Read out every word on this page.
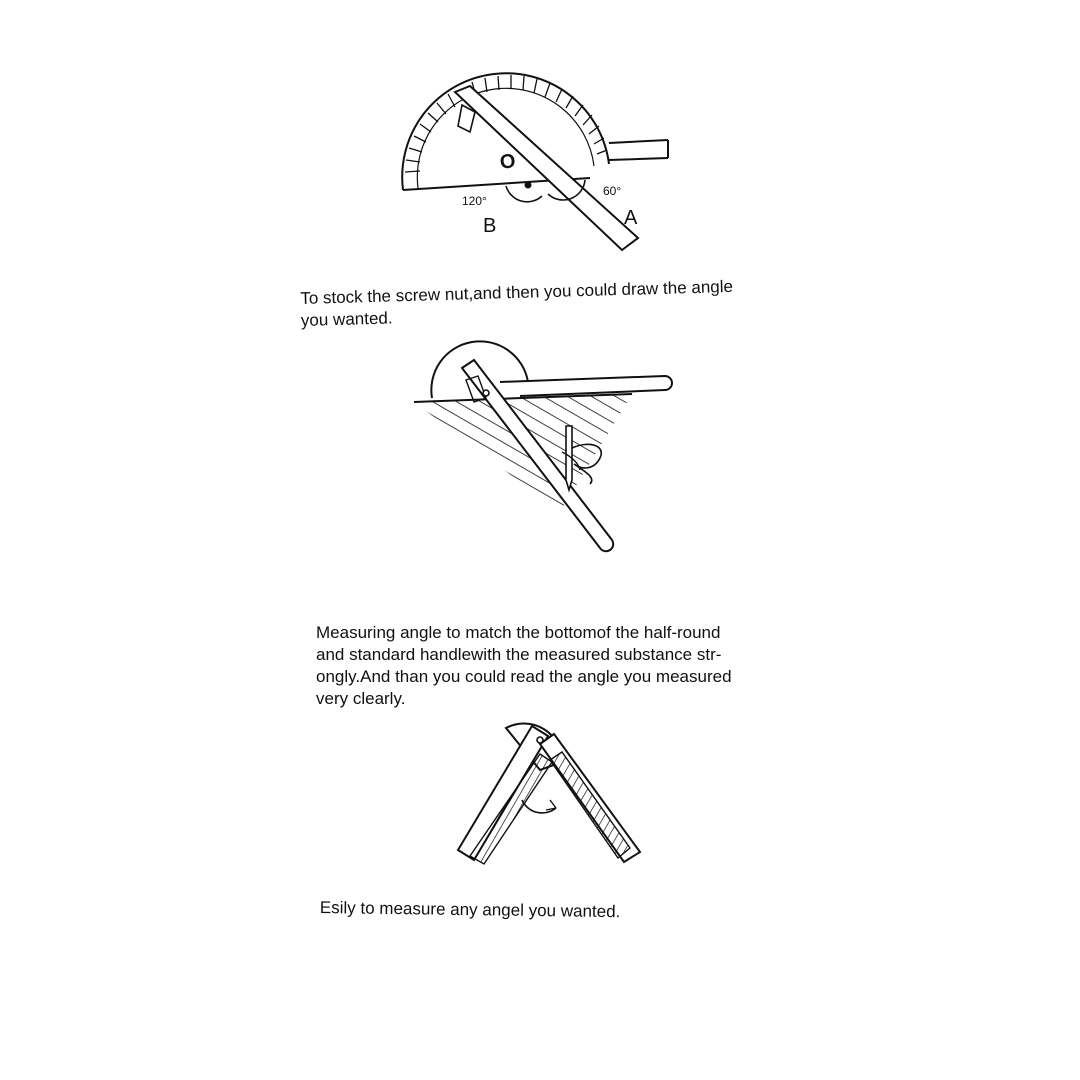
O
120°
60°
B	A

To stock the screw nut,and then you could draw the angle
you wanted.

Measuring angle to match the bottomof the half-round
and standard handlewith the measured substance str-
ongly.And than you could read the angle you measured
very clearly.

Esily to measure any angel you wanted.
